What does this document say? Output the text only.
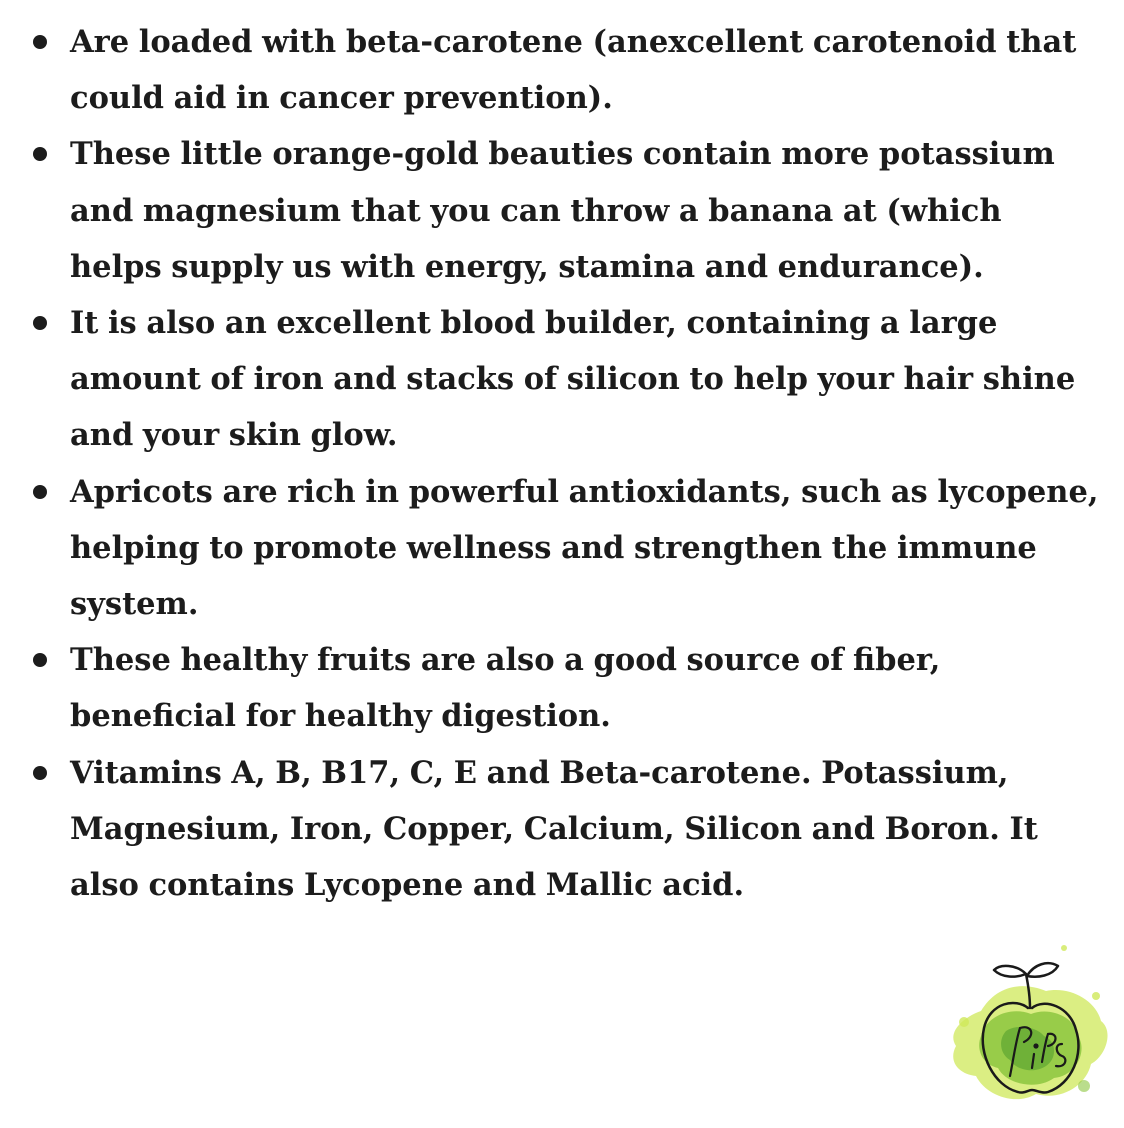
Are loaded with beta-carotene (anexcellent carotenoid that could aid in cancer prevention).
These little orange-gold beauties contain more potassium and magnesium that you can throw a banana at (which helps supply us with energy, stamina and endurance).
It is also an excellent blood builder, containing a large amount of iron and stacks of silicon to help your hair shine and your skin glow.
Apricots are rich in powerful antioxidants, such as lycopene, helping to promote wellness and strengthen the immune system.
These healthy fruits are also a good source of fiber, beneficial for healthy digestion.
Vitamins A, B, B17, C, E and Beta-carotene. Potassium, Magnesium, Iron, Copper, Calcium, Silicon and Boron. It also contains Lycopene and Mallic acid.
